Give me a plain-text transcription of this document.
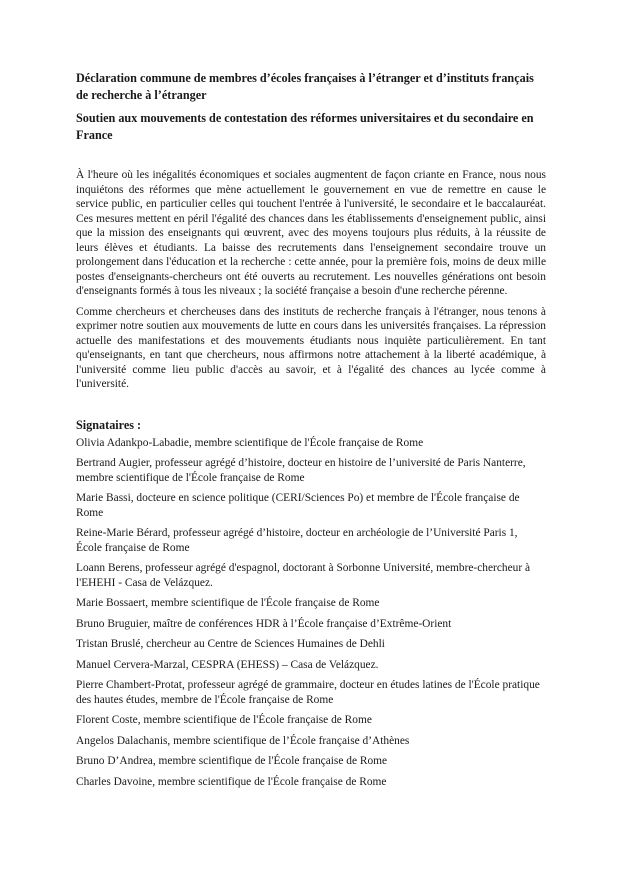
Déclaration commune de membres d’écoles françaises à l’étranger et d’instituts français de recherche à l’étranger

Soutien aux mouvements de contestation des réformes universitaires et du secondaire en France

À l'heure où les inégalités économiques et sociales augmentent de façon criante en France, nous nous inquiétons des réformes que mène actuellement le gouvernement en vue de remettre en cause le service public, en particulier celles qui touchent l'entrée à l'université, le secondaire et le baccalauréat. Ces mesures mettent en péril l'égalité des chances dans les établissements d'enseignement public, ainsi que la mission des enseignants qui œuvrent, avec des moyens toujours plus réduits, à la réussite de leurs élèves et étudiants. La baisse des recrutements dans l'enseignement secondaire trouve un prolongement dans l'éducation et la recherche : cette année, pour la première fois, moins de deux mille postes d'enseignants-chercheurs ont été ouverts au recrutement. Les nouvelles générations ont besoin d'enseignants formés à tous les niveaux ; la société française a besoin d'une recherche pérenne.

Comme chercheurs et chercheuses dans des instituts de recherche français à l'étranger, nous tenons à exprimer notre soutien aux mouvements de lutte en cours dans les universités françaises. La répression actuelle des manifestations et des mouvements étudiants nous inquiète particulièrement. En tant qu'enseignants, en tant que chercheurs, nous affirmons notre attachement à la liberté académique, à l'université comme lieu public d'accès au savoir, et à l'égalité des chances au lycée comme à l'université.

Signataires :

Olivia Adankpo-Labadie, membre scientifique de l'École française de Rome

Bertrand Augier, professeur agrégé d’histoire, docteur en histoire de l’université de Paris Nanterre, membre scientifique de l'École française de Rome

Marie Bassi, docteure en science politique (CERI/Sciences Po) et membre de l'École française de Rome

Reine-Marie Bérard, professeur agrégé d’histoire, docteur en archéologie de l’Université Paris 1, École française de Rome

Loann Berens, professeur agrégé d'espagnol, doctorant à Sorbonne Université, membre-chercheur à l'EHEHI - Casa de Velázquez.

Marie Bossaert, membre scientifique de l'École française de Rome

Bruno Bruguier, maître de conférences HDR à l’École française d’Extrême-Orient

Tristan Bruslé, chercheur au Centre de Sciences Humaines de Dehli

Manuel Cervera-Marzal, CESPRA (EHESS) – Casa de Velázquez.

Pierre Chambert-Protat, professeur agrégé de grammaire, docteur en études latines de l'École pratique des hautes études, membre de l'École française de Rome

Florent Coste, membre scientifique de l'École française de Rome

Angelos Dalachanis, membre scientifique de l’École française d’Athènes

Bruno D’Andrea, membre scientifique de l'École française de Rome

Charles Davoine, membre scientifique de l'École française de Rome
